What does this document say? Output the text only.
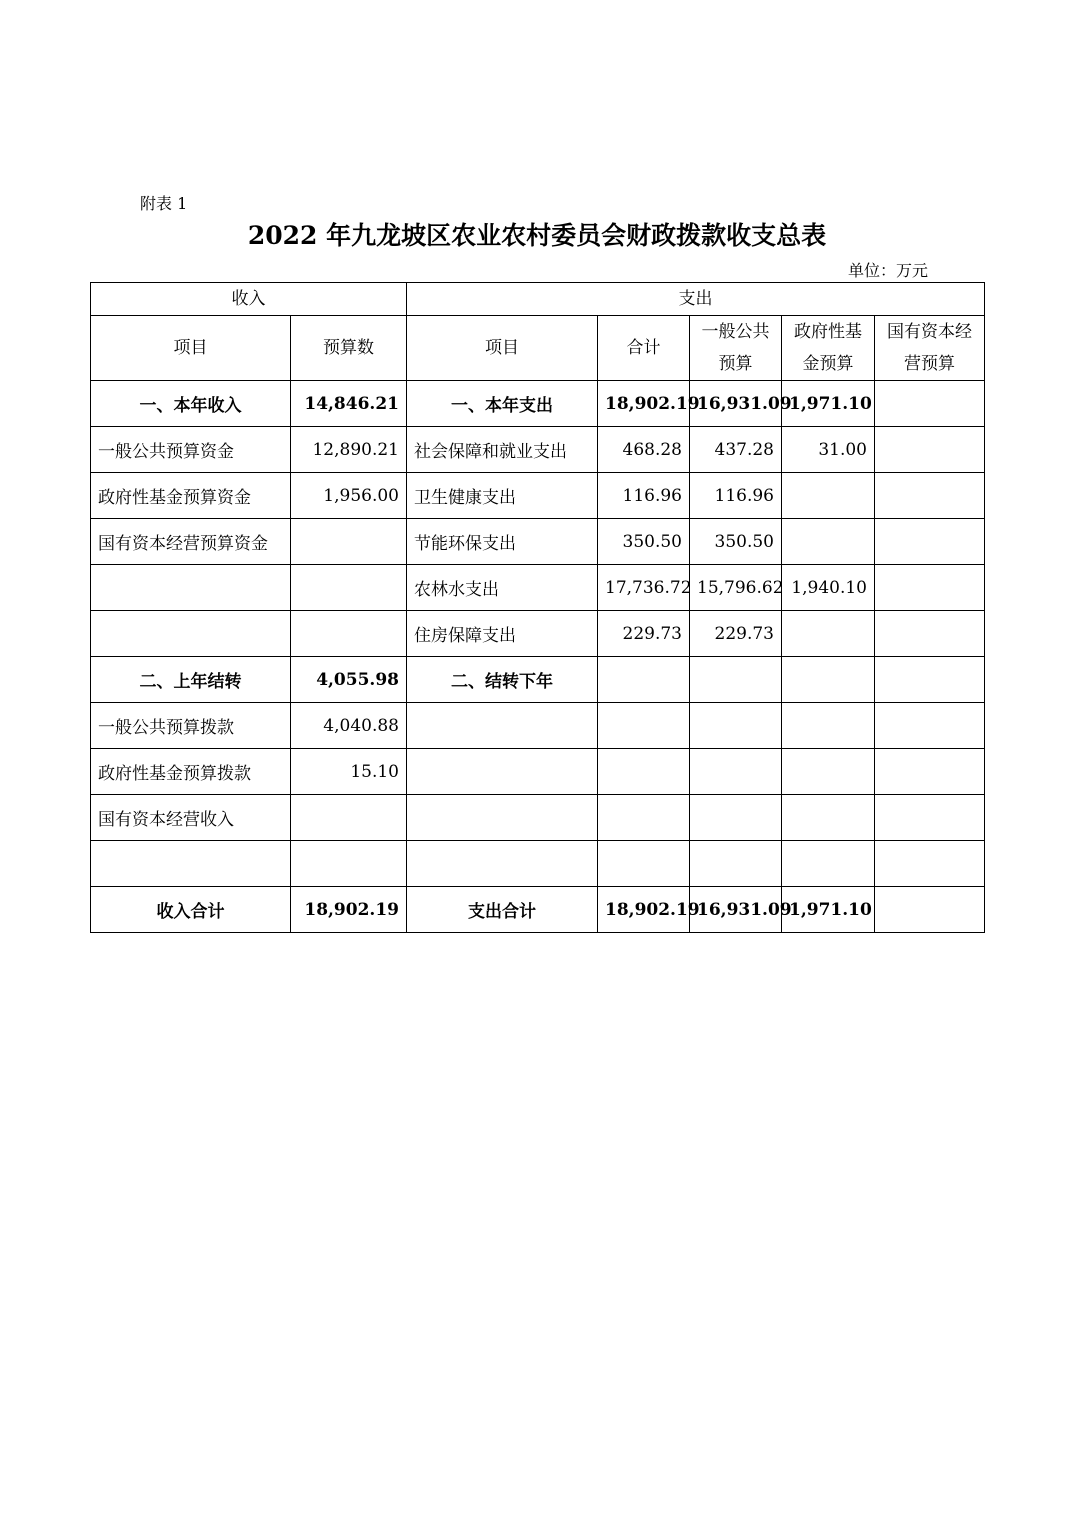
附表 1
2022 年九龙坡区农业农村委员会财政拨款收支总表
单位：万元
收入		支出				
项目	预算数	项目	合计	一般公共预算	政府性基金预算	国有资本经营预算
一、本年收入	14,846.21	一、本年支出	18,902.19	16,931.09	1,971.10	
一般公共预算资金	12,890.21	社会保障和就业支出	468.28	437.28	31.00	
政府性基金预算资金	1,956.00	卫生健康支出	116.96	116.96		
国有资本经营预算资金		节能环保支出	350.50	350.50		
		农林水支出	17,736.72	15,796.62	1,940.10	
		住房保障支出	229.73	229.73		
二、上年结转	4,055.98	二、结转下年				
一般公共预算拨款	4,040.88					
政府性基金预算拨款	15.10					
国有资本经营收入						

收入合计	18,902.19	支出合计	18,902.19	16,931.09	1,971.10	
